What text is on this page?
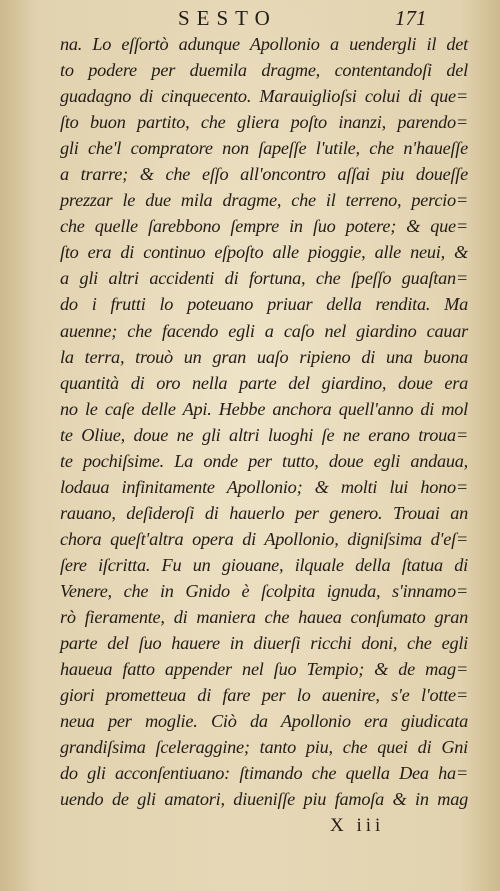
SESTO	171
na. Lo eſſortò adunque Apollonio a uendergli il det
to podere per duemila dragme, contentandoſi del
guadagno di cinquecento. Marauiglioſsi colui di que=
ſto buon partito, che gliera poſto inanzi, parendo=
gli che'l compratore non ſapeſſe l'utile, che n'haueſſe
a trarre; & che eſſo all'oncontro aſſai piu doueſſe
prezzar le due mila dragme, che il terreno, percio=
che quelle ſarebbono ſempre in ſuo potere; & que=
ſto era di continuo eſpoſto alle pioggie, alle neui, &
a gli altri accidenti di fortuna, che ſpeſſo guaſtan=
do i frutti lo poteuano priuar della rendita. Ma
auenne; che facendo egli a caſo nel giardino cauar
la terra, trouò un gran uaſo ripieno di una buona
quantità di oro nella parte del giardino, doue era
no le caſe delle Api. Hebbe anchora quell'anno di mol
te Oliue, doue ne gli altri luoghi ſe ne erano troua=
te pochiſsime. La onde per tutto, doue egli andaua,
lodaua infinitamente Apollonio; & molti lui hono=
rauano, deſideroſi di hauerlo per genero. Trouai an
chora queſt'altra opera di Apollonio, digniſsima d'eſ=
ſere iſcritta. Fu un giouane, ilquale della ſtatua di
Venere, che in Gnido è ſcolpita ignuda, s'innamo=
rò fieramente, di maniera che hauea conſumato gran
parte del ſuo hauere in diuerſi ricchi doni, che egli
haueua fatto appender nel ſuo Tempio; & de mag=
giori prometteua di fare per lo auenire, s'e l'otte=
neua per moglie. Ciò da Apollonio era giudicata
grandiſsima ſceleraggine; tanto piu, che quei di Gni
do gli acconſentiuano: ſtimando che quella Dea ha=
uendo de gli amatori, diueniſſe piu famoſa & in mag
X iii
